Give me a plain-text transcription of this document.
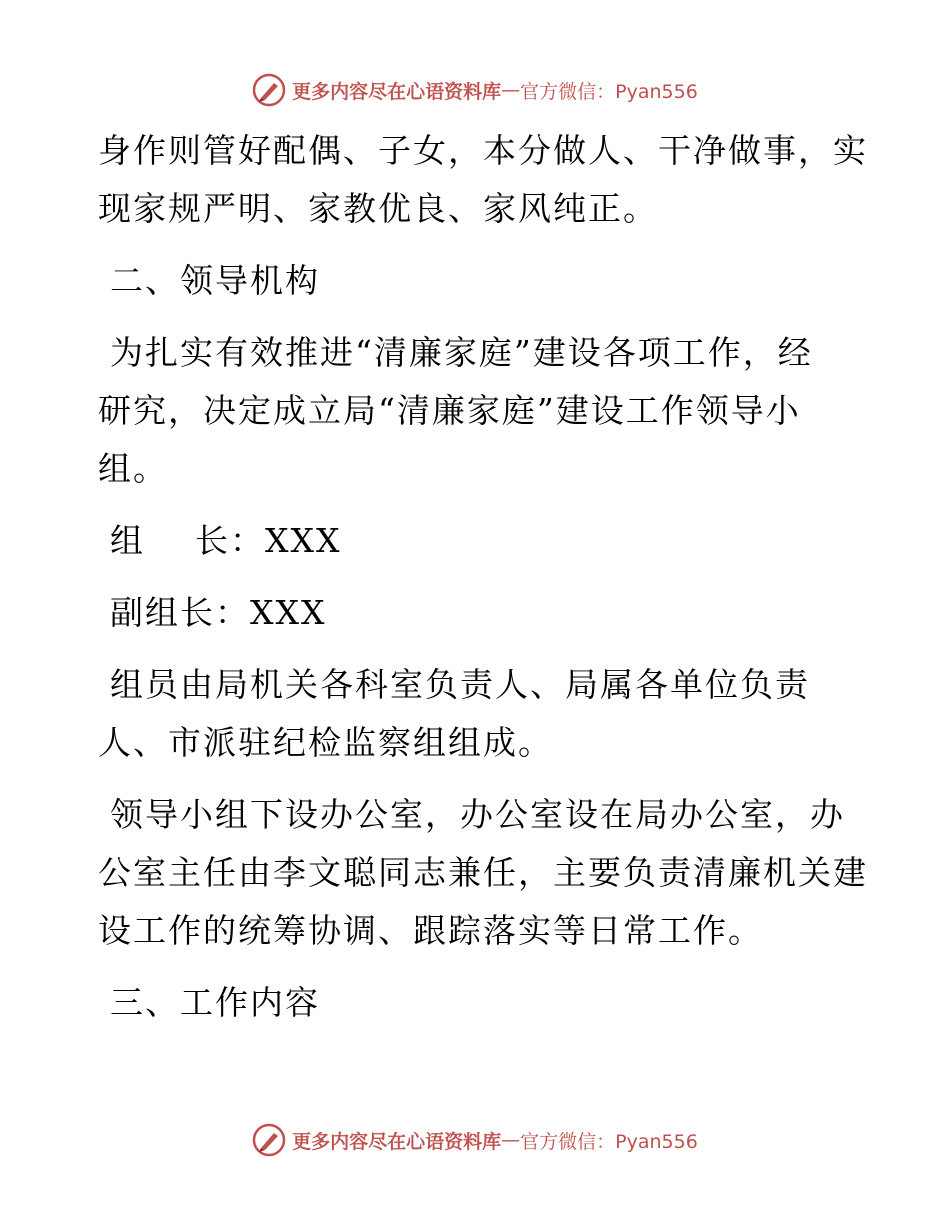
更多内容尽在心语资料库 — 官方微信：Pyan556
身作则管好配偶、子女，本分做人、干净做事，实
现家规严明、家教优良、家风纯正。
二、领导机构
为扎实有效推进“清廉家庭”建设各项工作，经
研究，决定成立局“清廉家庭”建设工作领导小
组。
组    长：XXX
副组长：XXX
组员由局机关各科室负责人、局属各单位负责
人、市派驻纪检监察组组成。
领导小组下设办公室，办公室设在局办公室，办
公室主任由李文聪同志兼任，主要负责清廉机关建
设工作的统筹协调、跟踪落实等日常工作。
三、工作内容
更多内容尽在心语资料库 — 官方微信：Pyan556
